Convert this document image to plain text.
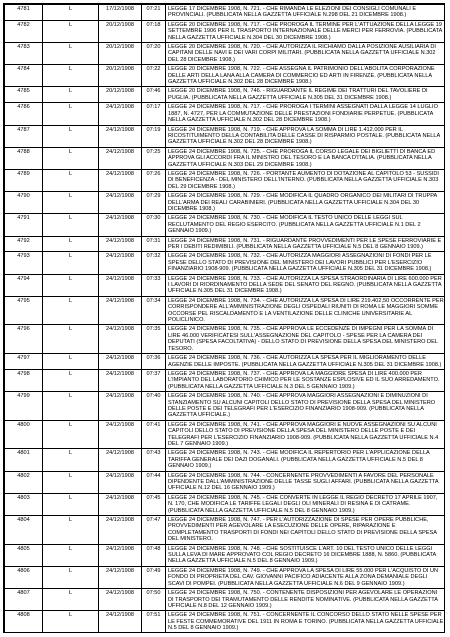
4781	L	17/12/1908	07:21	LEGGE 17 DICEMBRE 1908, N. 721. - CHE RIMANDA LE ELEZIONI DEI CONSIGLI COMUNALI E PROVINCIALI. (PUBBLICATA NELLA GAZZETTA UFFICIALE N.298 DEL 21 DICEMBRE 1908.)
4782	L	20/12/1908	07:18	LEGGE 20 DICEMBRE 1908, N. 717. - CHE PROROGA IL TERMINE PER L'ATTUAZIONE DELLA LEGGE 19 SETTEMBRE 1906 PER IL TRASPORTO INTERNAZIONALE DELLE MERCI PER FERROVIA. (PUBBLICATA NELLA GAZZETTA UFFICIALE N.304 DEL 30 DICEMBRE 1908.)
4783	L	20/12/1908	07:20	LEGGE 20 DICEMBRE 1908, N. 720. - CHE AUTORIZZA IL RICHIAMO DALLA POSIZIONE AUSILIARIA DI CAPITANI DELLE NAVI E DEI VARI CORPI MILITARI. (PUBBLICATA NELLA GAZZETTA UFFICIALE N.302 DEL 28 DICEMBRE 1908.)
4784	L	20/12/1908	07:22	LEGGE 20 DICEMBRE 1908, N. 722. - CHE ASSEGNA IL PATRIMONIO DELL'ABOLITA CORPORAZIONE DELLE ARTI DELLA LANA ALLA CAMERA DI COMMERCIO ED ARTI IN FIRENZE. (PUBBLICATA NELLA GAZZETTA UFFICIALE N.302 DEL 28 DICEMBRE 1908.)
4785	L	20/12/1908	07:46	LEGGE 20 DICEMBRE 1908, N. 746. - RIGUARDANTE IL REGIME DEI TRATTURI DEL TAVOLIERE DI PUGLIA. (PUBBLICATA NELLA GAZZETTA UFFICIALE N.305 DEL 31 DICEMBRE 1908.)
4786	L	24/12/1908	07:17	LEGGE 24 DICEMBRE 1908, N. 717. - CHE PROROGA I TERMINI ASSEGNATI DALLA LEGGE 14 LUGLIO 1887, N. 4727, PER LA COMMUTAZIONE DELLE PRESTAZIONI FONDIARIE PERPETUE. (PUBBLICATA NELLA GAZZETTA UFFICIALE N.302 DEL 28 DICEMBRE 1908.)
4787	L	24/12/1908	07:19	LEGGE 24 DICEMBRE 1908, N. 719. - CHE APPROVA LA SOMMA DI LIRE 1.412.000 PER IL RICOSTITUIMENTO DELLA CONTABILITA DELLE CASSE DI RISPARMIO POSTALE. (PUBBLICATA NELLA GAZZETTA UFFICIALE N.302 DEL 28 DICEMBRE 1908.)
4788	L	24/12/1908	07:25	LEGGE 24 DICEMBRE 1908, N. 725. - CHE PROROGA IL CORSO LEGALE DEI BIGLIETTI DI BANCA ED APPROVA GLI ACCORDI FRA IL MINISTRO DEL TESORO E LA BANCA D'ITALIA. (PUBBLICATA NELLA GAZZETTA UFFICIALE N.303 DEL 29 DICEMBRE 1908.)
4789	L	24/12/1908	07:26	LEGGE 24 DICEMBRE 1908, N. 726. - PORTANTE AUMENTO DI DOTAZIONE AL CAPITOLO 53 - SUSSIDI DI BENEFICENZA - DEL MINISTERO DELL'INTERNO. (PUBBLICATA NELLA GAZZETTA UFFICIALE N.303 DEL 29 DICEMBRE 1908.)
4790	L	24/12/1908	07:29	LEGGE 24 DICEMBRE 1908, N. 729. - CHE MODIFICA IL QUADRO ORGANICO DEI MILITARI DI TRUPPA DELL'ARMA DEI REALI CARABINIERI. (PUBBLICATA NELLA GAZZETTA UFFICIALE N.304 DEL 30 DICEMBRE 1908.)
4791	L	24/12/1908	07:30	LEGGE 24 DICEMBRE 1908, N. 730. - CHE MODIFICA IL TESTO UNICO DELLE LEGGI SUL RECLUTAMENTO DEL REGIO ESERCITO. (PUBBLICATA NELLA GAZZETTA UFFICIALE N.1 DEL 2 GENNAIO 1909.)
4792	L	24/12/1908	07:31	LEGGE 24 DICEMBRE 1908, N. 731. - RIGUARDANTE PROVVEDIMENTI PER LE SPESE FERROVIARIE E PER I DEBITI REDIMIBILI. (PUBBLICATA NELLA GAZZETTA UFFICIALE N.5 DEL 8 GENNAIO 1909.)
4793	L	24/12/1908	07:32	LEGGE 24 DICEMBRE 1908, N. 732. - CHE AUTORIZZA MAGGIORI ASSEGNAZIONI DI FONDI PER LE SPESE DELLO STATO DI PREVISIONE DEL MINISTERO DEI LAVORI PUBBLICI PER L'ESERCIZIO FINANZIARIO 1908-909. (PUBBLICATA NELLA GAZZETTA UFFICIALE N.305 DEL 31 DICEMBRE 1908.)
4794	L	24/12/1908	07:33	LEGGE 24 DICEMBRE 1908, N. 733. - CHE AUTORIZZA LA SPESA STRAORDINARIA DI LIRE 600.000 PER I LAVORI DI RIORDINAMENTO DELLA SEDE DEL SENATO DEL REGNO. (PUBBLICATA NELLA GAZZETTA UFFICIALE N.305 DEL 31 DICEMBRE 1908.)
4795	L	24/12/1908	07:34	LEGGE 24 DICEMBRE 1908, N. 734. - CHE AUTORIZZA LA SPESA DI LIRE 219.402,50 OCCORRENTE PER CORRISPONDERE ALL'AMMINISTRAZIONE DEGLI OSPEDALI RIUNITI DI ROMA LE MAGGIORI SOMME OCCORSE PEL RISCALDAMENTO E LA VENTILAZIONE DELLE CLINICHE UNIVERSITARIE AL POLICLINICO.
4796	L	24/12/1908	07:35	LEGGE 24 DICEMBRE 1908, N. 735. - CHE APPROVA LE ECCEDENZE DI IMPEGNI PER LA SOMMA DI LIRE 46.000 VERIFICATESI SULL'ASSEGNAZIONE DEL CAPITOLO - SPESE PER LA CAMERA DEI DEPUTATI (SPESA FACOLTATIVA) - DELLO STATO DI PREVISIONE DELLA SPESA DEL MINISTERO DEL TESORO.
4797	L	24/12/1908	07:36	LEGGE 24 DICEMBRE 1908, N. 736. - CHE AUTORIZZA LA SPESA PER IL MIGLIORAMENTO DELLE AGENZIE DELLE IMPOSTE. (PUBBLICATA NELLA GAZZETTA UFFICIALE N.305 DEL 31 DICEMBRE 1908.)
4798	L	24/12/1908	07:37	LEGGE 24 DICEMBRE 1908, N. 737. - CHE APPROVA LA MAGGIORE SPESA DI LIRE 400.000 PER L'IMPIANTO DEL LABORATORIO CHIMICO PER LE SOSTANZE ESPLOSIVE ED IL SUO ARREDAMENTO. (PUBBLICATA NELLA GAZZETTA UFFICIALE N.3 DEL 5 GENNAIO 1909.)
4799	L	24/12/1908	07:40	LEGGE 24 DICEMBRE 1908, N. 740. - CHE APPROVA MAGGIORI ASSEGNAZIONI E DIMINUZIONI DI STANZIAMENTO SU ALCUNI CAPITOLI DELLO STATO DI PREVISIONE DELLA SPESA DEL MINISTERO DELLE POSTE E DEI TELEGRAFI PER L'ESERCIZIO FINANZIARIO 1908-909. (PUBBLICATA NELLA GAZZETTA UFFICIALE.)
4800	L	24/12/1908	07:41	LEGGE 24 DICEMBRE 1908, N. 741. - CHE APPROVA MAGGIORI E NUOVE ASSEGNAZIONI SU ALCUNI CAPITOLI DELLO STATO DI PREVISIONE DELLA SPESA DEL MINISTERO DELLE POSTE E DEI TELEGRAFI PER L'ESERCIZIO FINANZIARIO 1908-909. (PUBBLICATA NELLA GAZZETTA UFFICIALE N.4 DEL 7 GENNAIO 1909.)
4801	L	24/12/1908	07:43	LEGGE 24 DICEMBRE 1908, N. 743. - CHE MODIFICA IL REPERTORIO PER L'APPLICAZIONE DELLA TARIFFA GENERALE DEI DAZI DOGANALI. (PUBBLICATA NELLA GAZZETTA UFFICIALE N.5 DEL 8 GENNAIO 1909.)
4802	L	24/12/1908	07:44	LEGGE 24 DICEMBRE 1908, N. 744. - CONCERNENTE PROVVEDIMENTI A FAVORE DEL PERSONALE DIPENDENTE DALL'AMMINISTRAZIONE DELLE TASSE SUGLI AFFARI. (PUBBLICATA NELLA GAZZETTA UFFICIALE N.12 DEL 16 GENNAIO 1909.)
4803	L	24/12/1908	07:45	LEGGE 24 DICEMBRE 1908, N. 745. - CHE CONVERTE IN LEGGE IL REGIO DECRETO 17 APRILE 1907, N. 170, CHE MODIFICA LE TARIFFE LEGALI DEGLI OLI MINERALI DI RESINA E DI CATRAME. (PUBBLICATA NELLA GAZZETTA UFFICIALE N.5 DEL 8 GENNAIO 1909.)
4804	L	24/12/1908	07:47	LEGGE 24 DICEMBRE 1908, N. 747. - PER L'AUTORIZZAZIONE DI SPESE PER OPERE PUBBLICHE, PROVVEDIMENTI PER AGEVOLARE LA ESECUZIONE DELLE OPERE, RIPARAZIONE E COMPLETAMENTO TRASPORTI DI FONDI NEI CAPITOLI DELLO STATO DI PREVISIONE DELLA SPESA DEL MINISTERO.
4805	L	24/12/1908	07:48	LEGGE 24 DICEMBRE 1908, N. 748. - CHE SOSTITUISCE L'ART. 10 DEL TESTO UNICO DELLE LEGGI SULLA LEVA DI MARE APPROVATO COL REGIO DECRETO 16 DICEMBRE 1888, N. 5860. (PUBBLICATA NELLA GAZZETTA UFFICIALE N.5 DEL 8 GENNAIO 1909.)
4806	L	24/12/1908	07:49	LEGGE 24 DICEMBRE 1908, N. 749. - CHE APPROVA LA SPESA DI LIRE 55.000 PER L'ACQUISTO DI UN FONDO DI PROPRIETA DEL CAV. GIOVANNI PACIFICO ADIACENTE ALLA ZONA DEMANIALE DEGLI SCAVI DI POMPEI. (PUBBLICATA NELLA GAZZETTA UFFICIALE N.6 DEL 9 GENNAIO 1909.)
4807	L	24/12/1908	07:50	LEGGE 24 DICEMBRE 1908, N. 750. - CONTENENTE DISPOSIZIONI PER AGEVOLARE LE OPERAZIONI DI TRASPORTO DEI TRAMUTAMENTO DELLE RENDITE NOMINATIVE. (PUBBLICATA NELLA GAZZETTA UFFICIALE N.8 DEL 12 GENNAIO 1909.)
4808	L	24/12/1908	07:51	LEGGE 24 DICEMBRE 1908, N. 751. - CONCERNENTE IL CONCORSO DELLO STATO NELLE SPESE PER LE FESTE COMMEMORATIVE DEL 1911 IN ROMA E TORINO. (PUBBLICATA NELLA GAZZETTA UFFICIALE N.5 DEL 8 GENNAIO 1909.)
